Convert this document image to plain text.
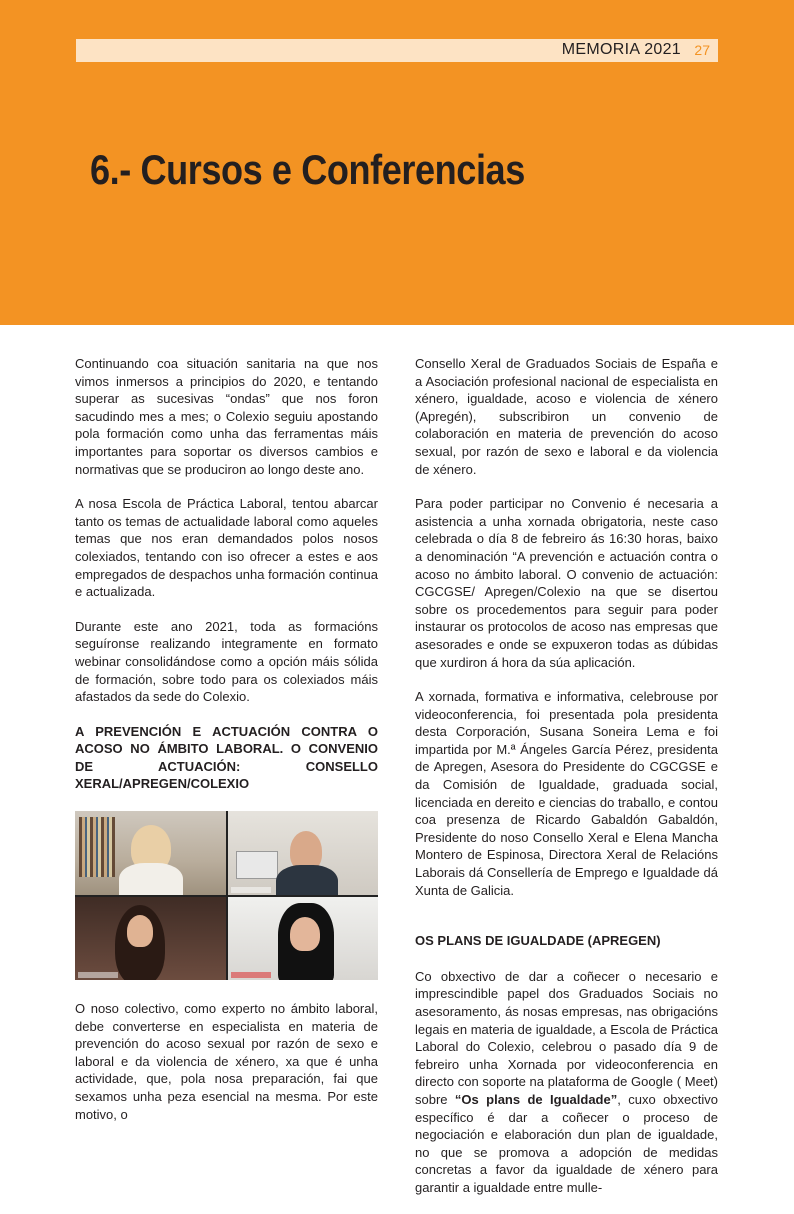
MEMORIA 2021 27
6.- Cursos e Conferencias

Continuando coa situación sanitaria na que nos vimos inmersos a principios do 2020, e tentando superar as sucesivas “ondas” que nos foron sacudindo mes a mes; o Colexio seguiu apostando pola formación como unha das ferramentas máis importantes para soportar os diversos cambios e normativas que se produciron ao longo deste ano.

A nosa Escola de Práctica Laboral, tentou abarcar tanto os temas de actualidade laboral como aqueles temas que nos eran demandados polos nosos colexiados, tentando con iso ofrecer a estes e aos empregados de despachos unha formación continua e actualizada.

Durante este ano 2021, toda as formacións seguíronse realizando integramente en formato webinar consolidándose como a opción máis sólida de formación, sobre todo para os colexiados máis afastados da sede do Colexio.

A PREVENCIÓN E ACTUACIÓN CONTRA O ACOSO NO ÁMBITO LABORAL. O CONVENIO DE ACTUACIÓN: CONSELLO XERAL/APREGEN/COLEXIO

O noso colectivo, como experto no ámbito laboral, debe converterse en especialista en materia de prevención do acoso sexual por razón de sexo e laboral e da violencia de xénero, xa que é unha actividade, que, pola nosa preparación, fai que sexamos unha peza esencial na mesma. Por este motivo, o

Consello Xeral de Graduados Sociais de España e a Asociación profesional nacional de especialista en xénero, igualdade, acoso e violencia de xénero (Apregén), subscribiron un convenio de colaboración en materia de prevención do acoso sexual, por razón de sexo e laboral e da violencia de xénero.

Para poder participar no Convenio é necesaria a asistencia a unha xornada obrigatoria, neste caso celebrada o día 8 de febreiro ás 16:30 horas, baixo a denominación “A prevención e actuación contra o acoso no ámbito laboral. O convenio de actuación: CGCGSE/ Apregen/Colexio na que se disertou sobre os procedementos para seguir para poder instaurar os protocolos de acoso nas empresas que asesorades e onde se expuxeron todas as dúbidas que xurdiron á hora da súa aplicación.

A xornada, formativa e informativa, celebrouse por videoconferencia, foi presentada pola presidenta desta Corporación, Susana Soneira Lema e foi impartida por M.ª Ángeles García Pérez, presidenta de Apregen, Asesora do Presidente do CGCGSE e da Comisión de Igualdade, graduada social, licenciada en dereito e ciencias do traballo, e contou coa presenza de Ricardo Gabaldón Gabaldón, Presidente do noso Consello Xeral e Elena Mancha Montero de Espinosa, Directora Xeral de Relacións Laborais dá Consellería de Emprego e Igualdade dá Xunta de Galicia.

OS PLANS DE IGUALDADE (APREGEN)

Co obxectivo de dar a coñecer o necesario e imprescindible papel dos Graduados Sociais no asesoramento, ás nosas empresas, nas obrigacións legais en materia de igualdade, a Escola de Práctica Laboral do Colexio, celebrou o pasado día 9 de febreiro unha Xornada por videoconferencia en directo con soporte na plataforma de Google ( Meet) sobre “Os plans de Igualdade”, cuxo obxectivo específico é dar a coñecer o proceso de negociación e elaboración dun plan de igualdade, no que se promova a adopción de medidas concretas a favor da igualdade de xénero para garantir a igualdade entre mulle-
